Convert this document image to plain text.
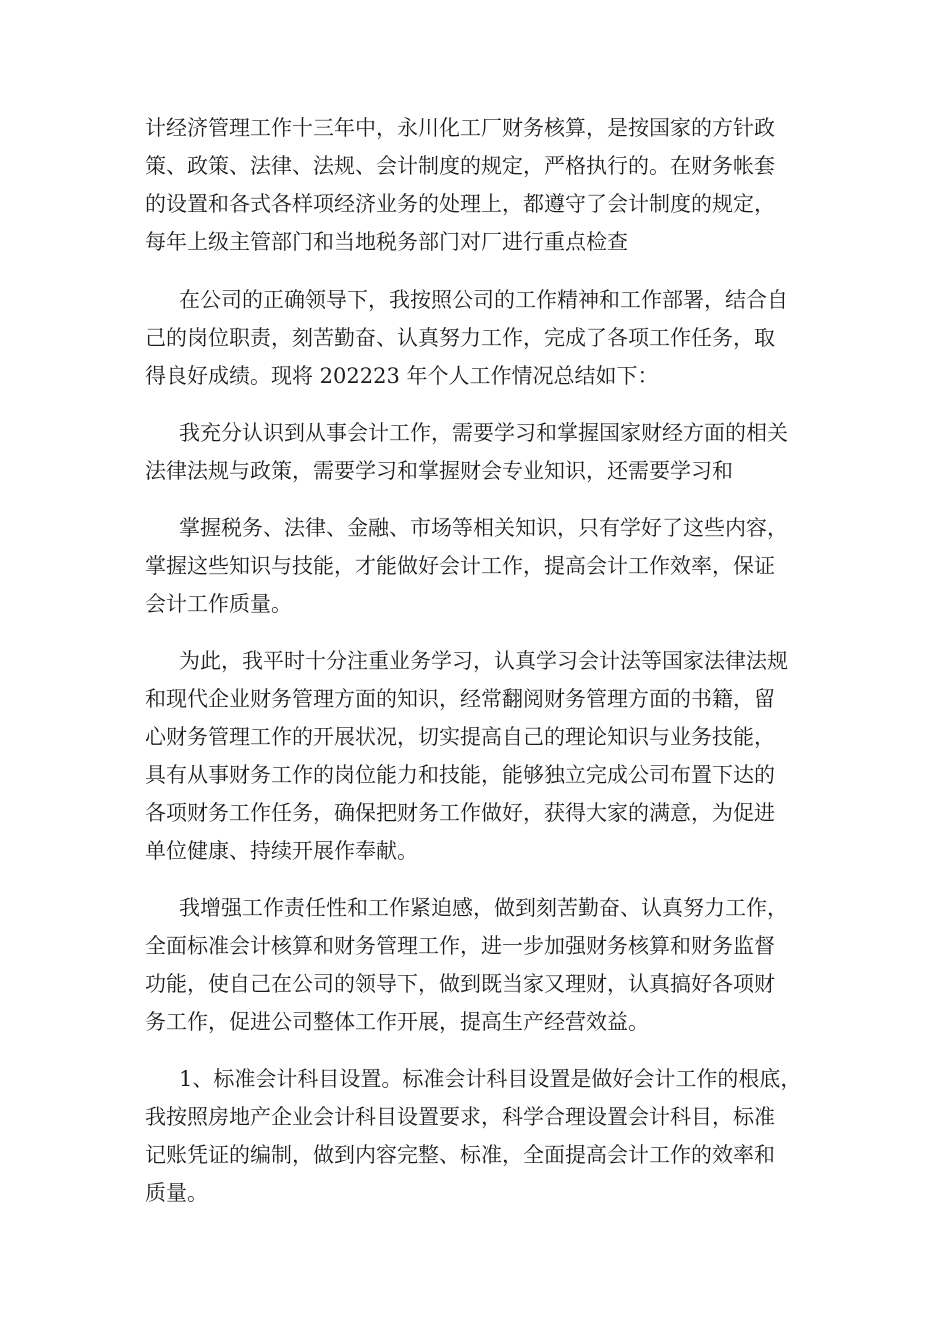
计经济管理工作十三年中，永川化工厂财务核算，是按国家的方针政
策、政策、法律、法规、会计制度的规定，严格执行的。在财务帐套
的设置和各式各样项经济业务的处理上，都遵守了会计制度的规定，
每年上级主管部门和当地税务部门对厂进行重点检查
在公司的正确领导下，我按照公司的工作精神和工作部署，结合自
己的岗位职责，刻苦勤奋、认真努力工作，完成了各项工作任务，取
得良好成绩。现将 202223 年个人工作情况总结如下：
我充分认识到从事会计工作，需要学习和掌握国家财经方面的相关
法律法规与政策，需要学习和掌握财会专业知识，还需要学习和
掌握税务、法律、金融、市场等相关知识，只有学好了这些内容，
掌握这些知识与技能，才能做好会计工作，提高会计工作效率，保证
会计工作质量。
为此，我平时十分注重业务学习，认真学习会计法等国家法律法规
和现代企业财务管理方面的知识，经常翻阅财务管理方面的书籍，留
心财务管理工作的开展状况，切实提高自己的理论知识与业务技能，
具有从事财务工作的岗位能力和技能，能够独立完成公司布置下达的
各项财务工作任务，确保把财务工作做好，获得大家的满意，为促进
单位健康、持续开展作奉献。
我增强工作责任性和工作紧迫感，做到刻苦勤奋、认真努力工作，
全面标准会计核算和财务管理工作，进一步加强财务核算和财务监督
功能，使自己在公司的领导下，做到既当家又理财，认真搞好各项财
务工作，促进公司整体工作开展，提高生产经营效益。
1、标准会计科目设置。标准会计科目设置是做好会计工作的根底，
我按照房地产企业会计科目设置要求，科学合理设置会计科目，标准
记账凭证的编制，做到内容完整、标准，全面提高会计工作的效率和
质量。
